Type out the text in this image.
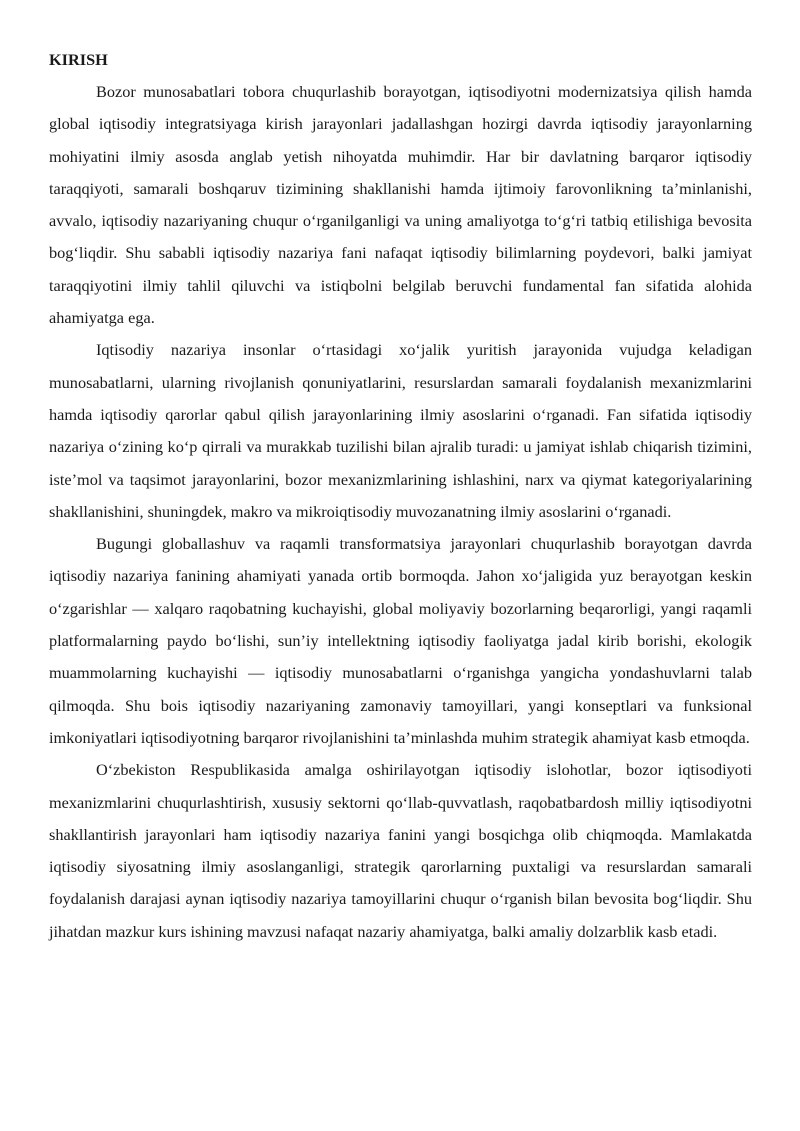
KIRISH

Bozor munosabatlari tobora chuqurlashib borayotgan, iqtisodiyotni modernizatsiya qilish hamda global iqtisodiy integratsiyaga kirish jarayonlari jadallashgan hozirgi davrda iqtisodiy jarayonlarning mohiyatini ilmiy asosda anglab yetish nihoyatda muhimdir. Har bir davlatning barqaror iqtisodiy taraqqiyoti, samarali boshqaruv tizimining shakllanishi hamda ijtimoiy farovonlikning ta’minlanishi, avvalo, iqtisodiy nazariyaning chuqur o‘rganilganligi va uning amaliyotga to‘g‘ri tatbiq etilishiga bevosita bog‘liqdir. Shu sababli iqtisodiy nazariya fani nafaqat iqtisodiy bilimlarning poydevori, balki jamiyat taraqqiyotini ilmiy tahlil qiluvchi va istiqbolni belgilab beruvchi fundamental fan sifatida alohida ahamiyatga ega.

Iqtisodiy nazariya insonlar o‘rtasidagi xo‘jalik yuritish jarayonida vujudga keladigan munosabatlarni, ularning rivojlanish qonuniyatlarini, resurslardan samarali foydalanish mexanizmlarini hamda iqtisodiy qarorlar qabul qilish jarayonlarining ilmiy asoslarini o‘rganadi. Fan sifatida iqtisodiy nazariya o‘zining ko‘p qirrali va murakkab tuzilishi bilan ajralib turadi: u jamiyat ishlab chiqarish tizimini, iste’mol va taqsimot jarayonlarini, bozor mexanizmlarining ishlashini, narx va qiymat kategoriyalarining shakllanishini, shuningdek, makro va mikroiqtisodiy muvozanatning ilmiy asoslarini o‘rganadi.

Bugungi globallashuv va raqamli transformatsiya jarayonlari chuqurlashib borayotgan davrda iqtisodiy nazariya fanining ahamiyati yanada ortib bormoqda. Jahon xo‘jaligida yuz berayotgan keskin o‘zgarishlar — xalqaro raqobatning kuchayishi, global moliyaviy bozorlarning beqarorligi, yangi raqamli platformalarning paydo bo‘lishi, sun’iy intellektning iqtisodiy faoliyatga jadal kirib borishi, ekologik muammolarning kuchayishi — iqtisodiy munosabatlarni o‘rganishga yangicha yondashuvlarni talab qilmoqda. Shu bois iqtisodiy nazariyaning zamonaviy tamoyillari, yangi konseptlari va funksional imkoniyatlari iqtisodiyotning barqaror rivojlanishini ta’minlashda muhim strategik ahamiyat kasb etmoqda.

O‘zbekiston Respublikasida amalga oshirilayotgan iqtisodiy islohotlar, bozor iqtisodiyoti mexanizmlarini chuqurlashtirish, xususiy sektorni qo‘llab-quvvatlash, raqobatbardosh milliy iqtisodiyotni shakllantirish jarayonlari ham iqtisodiy nazariya fanini yangi bosqichga olib chiqmoqda. Mamlakatda iqtisodiy siyosatning ilmiy asoslanganligi, strategik qarorlarning puxtaligi va resurslardan samarali foydalanish darajasi aynan iqtisodiy nazariya tamoyillarini chuqur o‘rganish bilan bevosita bog‘liqdir. Shu jihatdan mazkur kurs ishining mavzusi nafaqat nazariy ahamiyatga, balki amaliy dolzarblik kasb etadi.
